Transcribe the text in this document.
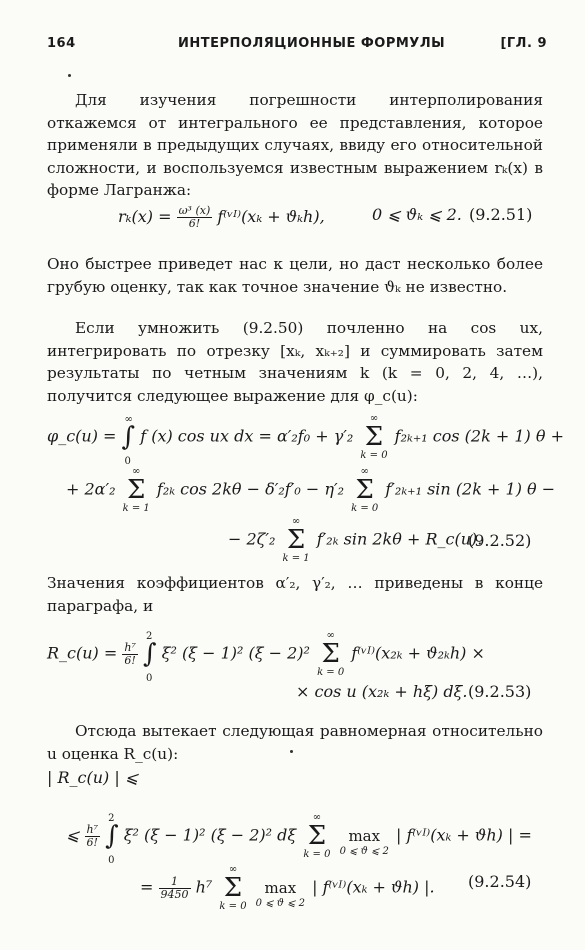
164	ИНТЕРПОЛЯЦИОННЫЕ ФОРМУЛЫ	[ГЛ. 9

Для изучения погрешности интерполирования откажемся от интегрального ее представления, которое применяли в предыдущих случаях, ввиду его относительной сложности, и воспользуемся известным выражением rₖ(x) в форме Лагранжа:

$r_k(x) = \frac{\text{ω³ (x)}}{6!}$ f⁽ᵛᴵ⁾(xₖ + ϑₖh),	0 ⩽ ϑₖ ⩽ 2. (9.2.51)

Оно быстрее приведет нас к цели, но даст несколько более грубую оценку, так как точное значение ϑₖ не известно.

Если умножить (9.2.50) почленно на cos ux, интегрировать по отрезку [xₖ, xₖ₊₂] и суммировать затем результаты по четным значениям k (k = 0, 2, 4, …), получится следующее выражение для φ_c(u):

φ_c(u) = ∫
∞
0
f (x) cos ux dx = α′₂f₀ + γ′₂
∞
Σ
k = 0
f₂ₖ₊₁ cos (2k + 1) θ +
+ 2α′₂
∞
Σ
k = 1
f₂ₖ cos 2kθ − δ′₂f′₀ − η′₂
∞
Σ
k = 0
f′₂ₖ₊₁ sin (2k + 1) θ −
− 2ζ′₂
∞
Σ
k = 1
f′₂ₖ sin 2kθ + R_c(u).
(9.2.52)

Значения коэффициентов α′₂, γ′₂, … приведены в конце параграфа, и

R_c(u) = $\frac{\text{h⁷}}{6!}$ ∫
2
0
ξ² (ξ − 1)² (ξ − 2)²
∞
Σ
k = 0
f⁽ᵛᴵ⁾(x₂ₖ + ϑ₂ₖh) ×
× cos u (x₂ₖ + hξ) dξ. (9.2.53)

Отсюда вытекает следующая равномерная относительно u оценка R_c(u):

| R_c(u) | ⩽
⩽ $\frac{\text{h⁷}}{6!}$ ∫
2
0
ξ² (ξ − 1)² (ξ − 2)² dξ
∞
Σ
k = 0

max
0 ⩽ ϑ ⩽ 2
| f⁽ᵛᴵ⁾(xₖ + ϑh) | =
= $\frac{1}{9450} h^7$
∞
Σ
k = 0

max
0 ⩽ ϑ ⩽ 2
| f⁽ᵛᴵ⁾(xₖ + ϑh) |. (9.2.54)
